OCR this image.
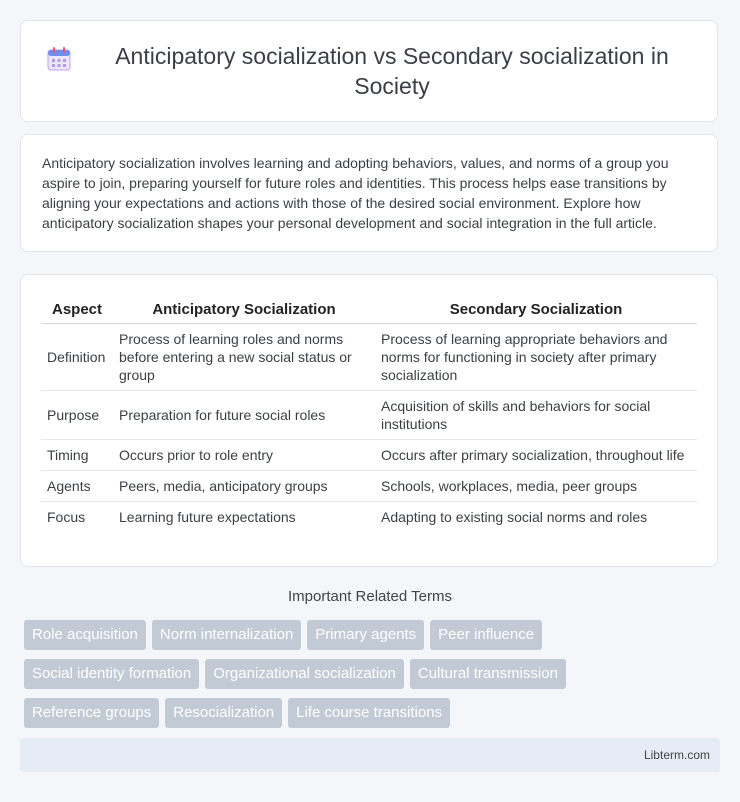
Anticipatory socialization vs Secondary socialization in Society

Anticipatory socialization involves learning and adopting behaviors, values, and norms of a group you aspire to join, preparing yourself for future roles and identities. This process helps ease transitions by aligning your expectations and actions with those of the desired social environment. Explore how anticipatory socialization shapes your personal development and social integration in the full article.

Aspect	Anticipatory Socialization	Secondary Socialization
Definition	Process of learning roles and norms before entering a new social status or group	Process of learning appropriate behaviors and norms for functioning in society after primary socialization
Purpose	Preparation for future social roles	Acquisition of skills and behaviors for social institutions
Timing	Occurs prior to role entry	Occurs after primary socialization, throughout life
Agents	Peers, media, anticipatory groups	Schools, workplaces, media, peer groups
Focus	Learning future expectations	Adapting to existing social norms and roles
Important Related Terms
Role acquisition Norm internalization Primary agents Peer influence
Social identity formation Organizational socialization Cultural transmission
Reference groups Resocialization Life course transitions
Libterm.com
